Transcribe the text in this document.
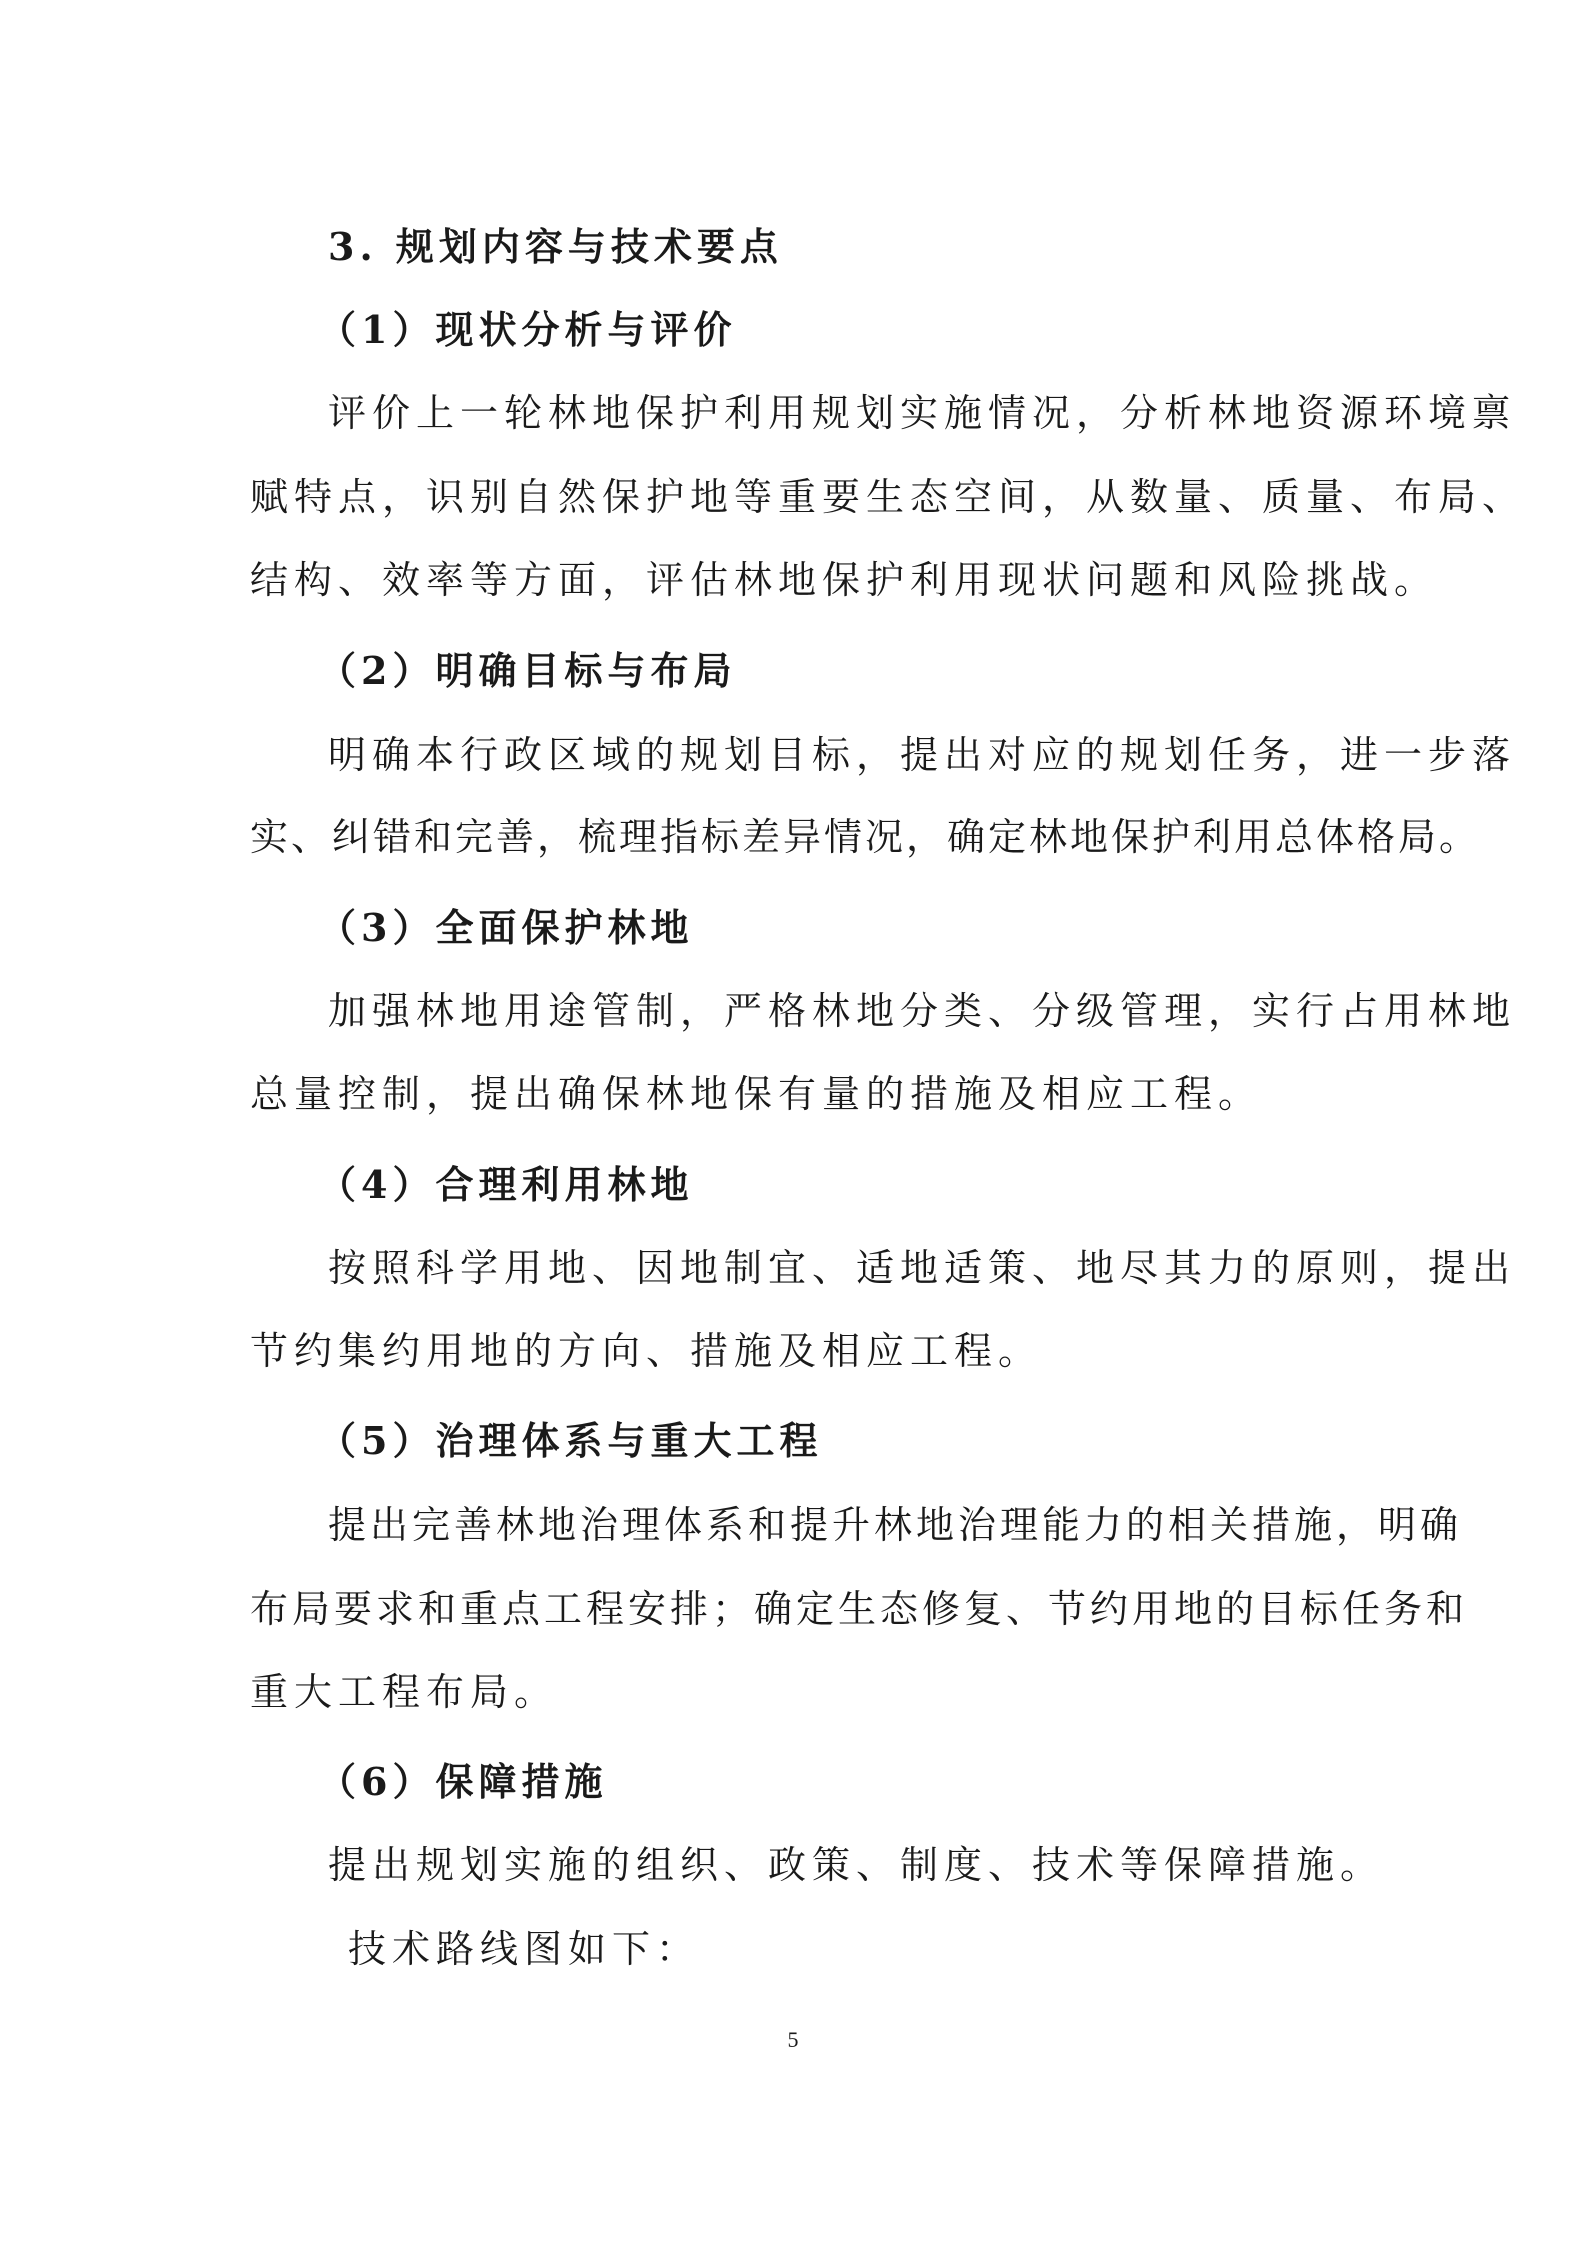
3. 规划内容与技术要点
（1）现状分析与评价
评价上一轮林地保护利用规划实施情况，分析林地资源环境禀
赋特点，识别自然保护地等重要生态空间，从数量、质量、布局、
结构、效率等方面，评估林地保护利用现状问题和风险挑战。
（2）明确目标与布局
明确本行政区域的规划目标，提出对应的规划任务，进一步落
实、纠错和完善，梳理指标差异情况，确定林地保护利用总体格局。
（3）全面保护林地
加强林地用途管制，严格林地分类、分级管理，实行占用林地
总量控制，提出确保林地保有量的措施及相应工程。
（4）合理利用林地
按照科学用地、因地制宜、适地适策、地尽其力的原则，提出
节约集约用地的方向、措施及相应工程。
（5）治理体系与重大工程
提出完善林地治理体系和提升林地治理能力的相关措施，明确
布局要求和重点工程安排；确定生态修复、节约用地的目标任务和
重大工程布局。
（6）保障措施
提出规划实施的组织、政策、制度、技术等保障措施。
技术路线图如下：
5
